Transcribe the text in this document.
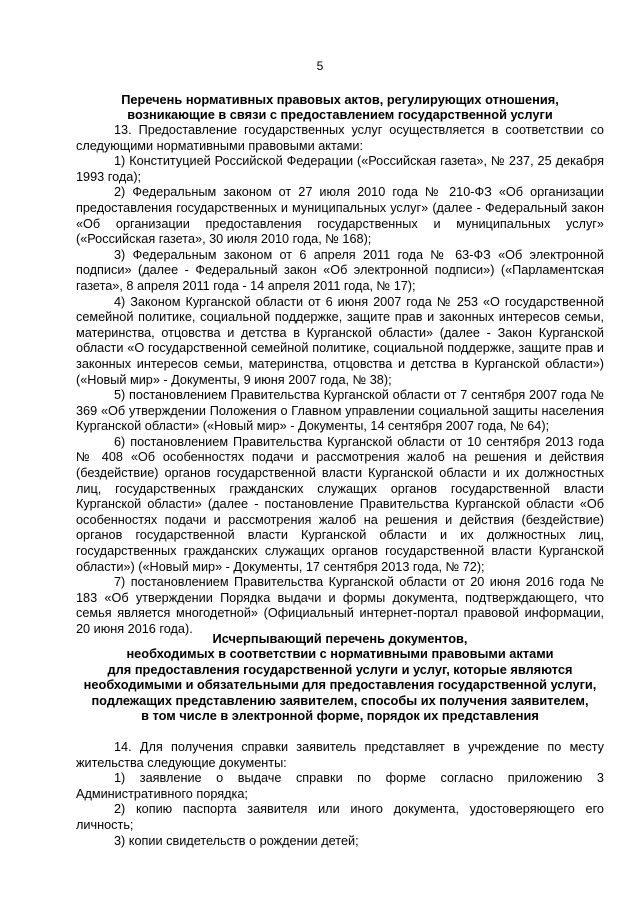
5
Перечень нормативных правовых актов, регулирующих отношения,
возникающие в связи с предоставлением государственной услуги

13. Предоставление государственных услуг осуществляется в соответствии со следующими нормативными правовыми актами:

1) Конституцией Российской Федерации («Российская газета», № 237, 25 декабря 1993 года);

2) Федеральным законом от 27 июля 2010 года № 210-ФЗ «Об организации предоставления государственных и муниципальных услуг» (далее - Федеральный закон «Об организации предоставления государственных и муниципальных услуг» («Российская газета», 30 июля 2010 года, № 168);

3) Федеральным законом от 6 апреля 2011 года № 63-ФЗ «Об электронной подписи» (далее - Федеральный закон «Об электронной подписи») («Парламентская газета», 8 апреля 2011 года - 14 апреля 2011 года, № 17);

4) Законом Курганской области от 6 июня 2007 года № 253 «О государственной семейной политике, социальной поддержке, защите прав и законных интересов семьи, материнства, отцовства и детства в Курганской области» (далее - Закон Курганской области «О государственной семейной политике, социальной поддержке, защите прав и законных интересов семьи, материнства, отцовства и детства в Курганской области») («Новый мир» - Документы, 9 июня 2007 года, № 38);

5) постановлением Правительства Курганской области от 7 сентября 2007 года № 369 «Об утверждении Положения о Главном управлении социальной защиты населения Курганской области» («Новый мир» - Документы, 14 сентября 2007 года, № 64);

6) постановлением Правительства Курганской области от 10 сентября 2013 года № 408 «Об особенностях подачи и рассмотрения жалоб на решения и действия (бездействие) органов государственной власти Курганской области и их должностных лиц, государственных гражданских служащих органов государственной власти Курганской области» (далее - постановление Правительства Курганской области «Об особенностях подачи и рассмотрения жалоб на решения и действия (бездействие) органов государственной власти Курганской области и их должностных лиц, государственных гражданских служащих органов государственной власти Курганской области») («Новый мир» - Документы, 17 сентября 2013 года, № 72);

7) постановлением Правительства Курганской области от 20 июня 2016 года № 183 «Об утверждении Порядка выдачи и формы документа, подтверждающего, что семья является многодетной» (Официальный интернет-портал правовой информации, 20 июня 2016 года).

Исчерпывающий перечень документов,
необходимых в соответствии с нормативными правовыми актами
для предоставления государственной услуги и услуг, которые являются
необходимыми и обязательными для предоставления государственной услуги,
подлежащих представлению заявителем, способы их получения заявителем,
в том числе в электронной форме, порядок их представления

14. Для получения справки заявитель представляет в учреждение по месту жительства следующие документы:

1) заявление о выдаче справки по форме согласно приложению 3 Административного порядка;

2) копию паспорта заявителя или иного документа, удостоверяющего его личность;

3) копии свидетельств о рождении детей;
